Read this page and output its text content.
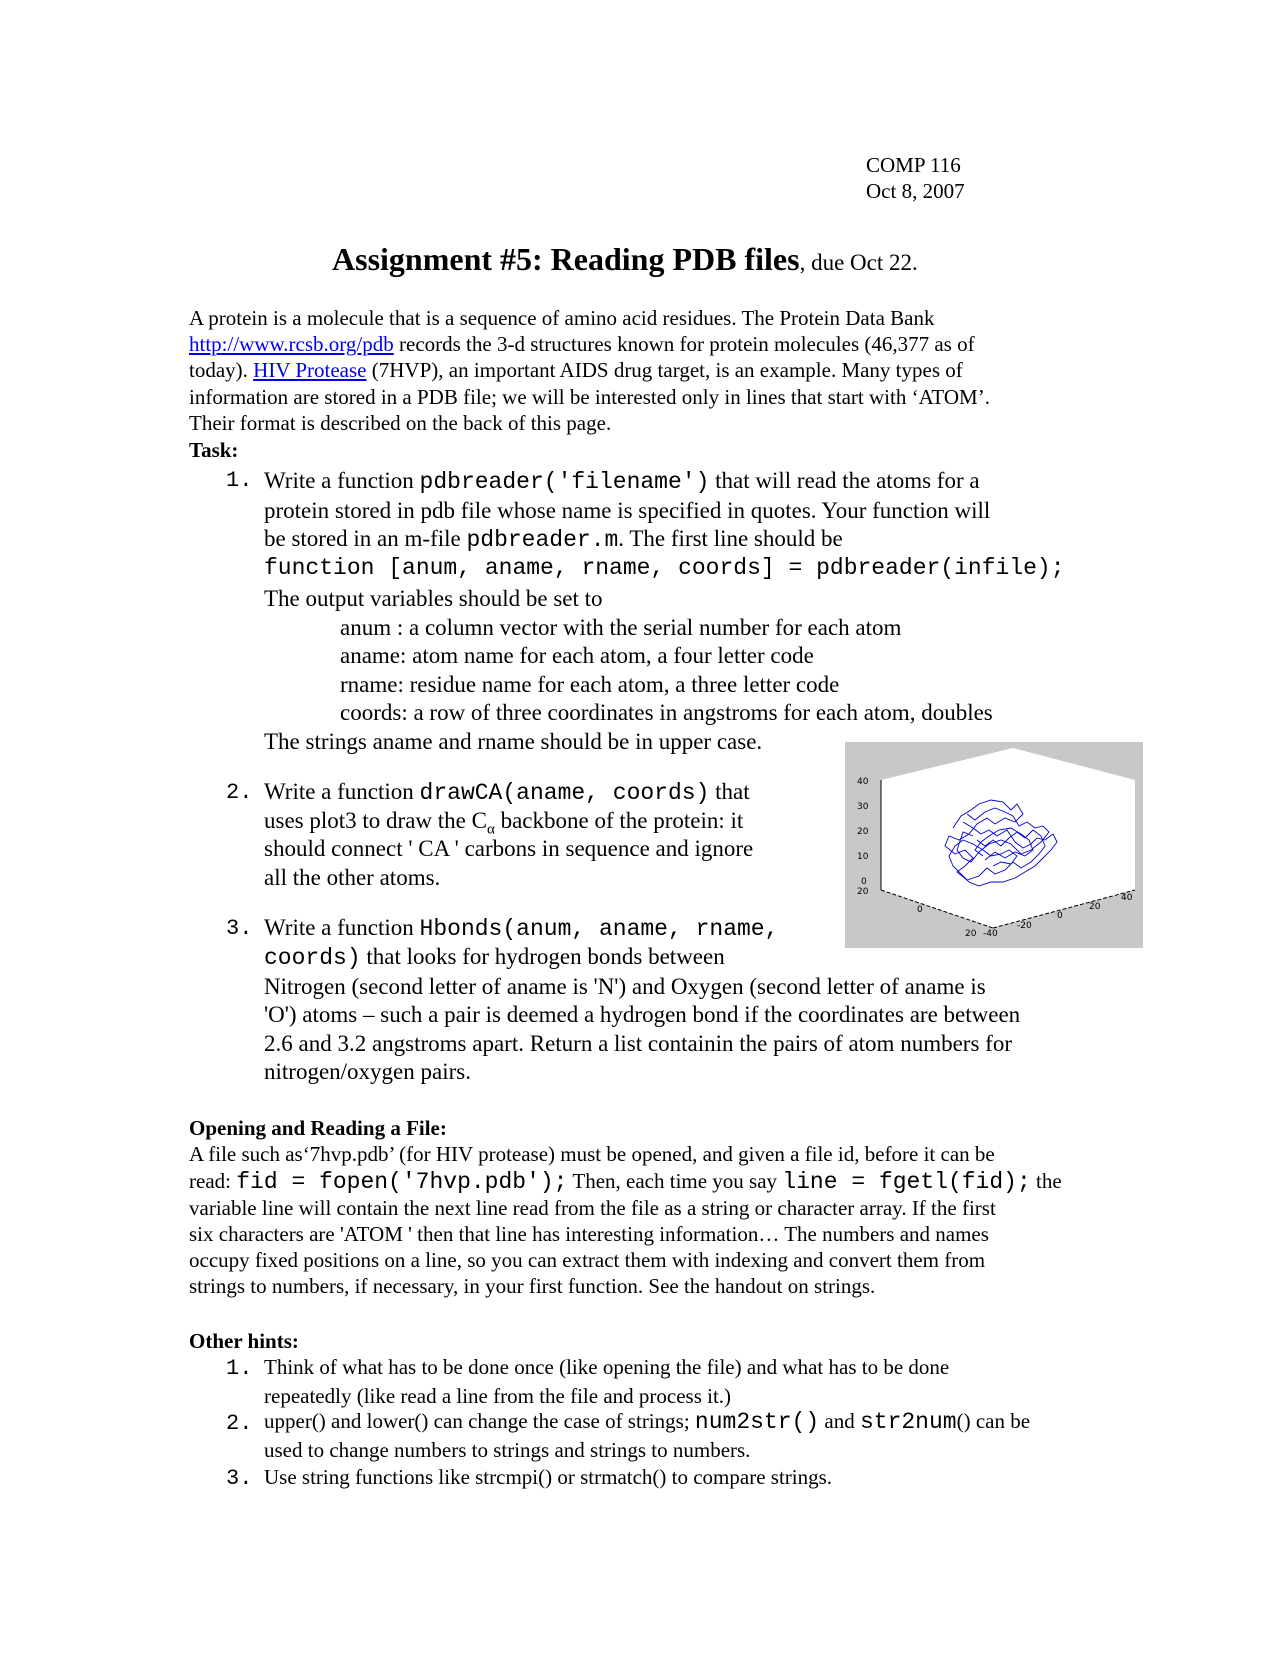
COMP 116
Oct 8, 2007
Assignment #5: Reading PDB files, due Oct 22.
A protein is a molecule that is a sequence of amino acid residues. The Protein Data Bank
http://www.rcsb.org/pdb records the 3-d structures known for protein molecules (46,377 as of
today). HIV Protease (7HVP), an important AIDS drug target, is an example. Many types of
information are stored in a PDB file; we will be interested only in lines that start with ‘ATOM’.
Their format is described on the back of this page.
Task:
1. Write a function pdbreader('filename') that will read the atoms for a
protein stored in pdb file whose name is specified in quotes. Your function will
be stored in an m-file pdbreader.m. The first line should be
function [anum, aname, rname, coords] = pdbreader(infile);
The output variables should be set to
anum : a column vector with the serial number for each atom
aname: atom name for each atom, a four letter code
rname: residue name for each atom, a three letter code
coords: a row of three coordinates in angstroms for each atom, doubles
The strings aname and rname should be in upper case.
2. Write a function drawCA(aname, coords) that
uses plot3 to draw the $C_\alpha$ backbone of the protein: it
should connect ' CA ' carbons in sequence and ignore
all the other atoms.
40
30
20
10
0
20
0
20 -40
-20
0
20
40
3. Write a function Hbonds(anum, aname, rname,
coords) that looks for hydrogen bonds between
Nitrogen (second letter of aname is 'N') and Oxygen (second letter of aname is
'O') atoms – such a pair is deemed a hydrogen bond if the coordinates are between
2.6 and 3.2 angstroms apart. Return a list containin the pairs of atom numbers for
nitrogen/oxygen pairs.
Opening and Reading a File:
A file such as‘7hvp.pdb’ (for HIV protease) must be opened, and given a file id, before it can be
read: fid = fopen('7hvp.pdb'); Then, each time you say line = fgetl(fid); the
variable line will contain the next line read from the file as a string or character array. If the first
six characters are 'ATOM ' then that line has interesting information… The numbers and names
occupy fixed positions on a line, so you can extract them with indexing and convert them from
strings to numbers, if necessary, in your first function. See the handout on strings.
Other hints:
1. Think of what has to be done once (like opening the file) and what has to be done
repeatedly (like read a line from the file and process it.)
2. upper() and lower() can change the case of strings; num2str() and str2num() can be
used to change numbers to strings and strings to numbers.
3. Use string functions like strcmpi() or strmatch() to compare strings.
